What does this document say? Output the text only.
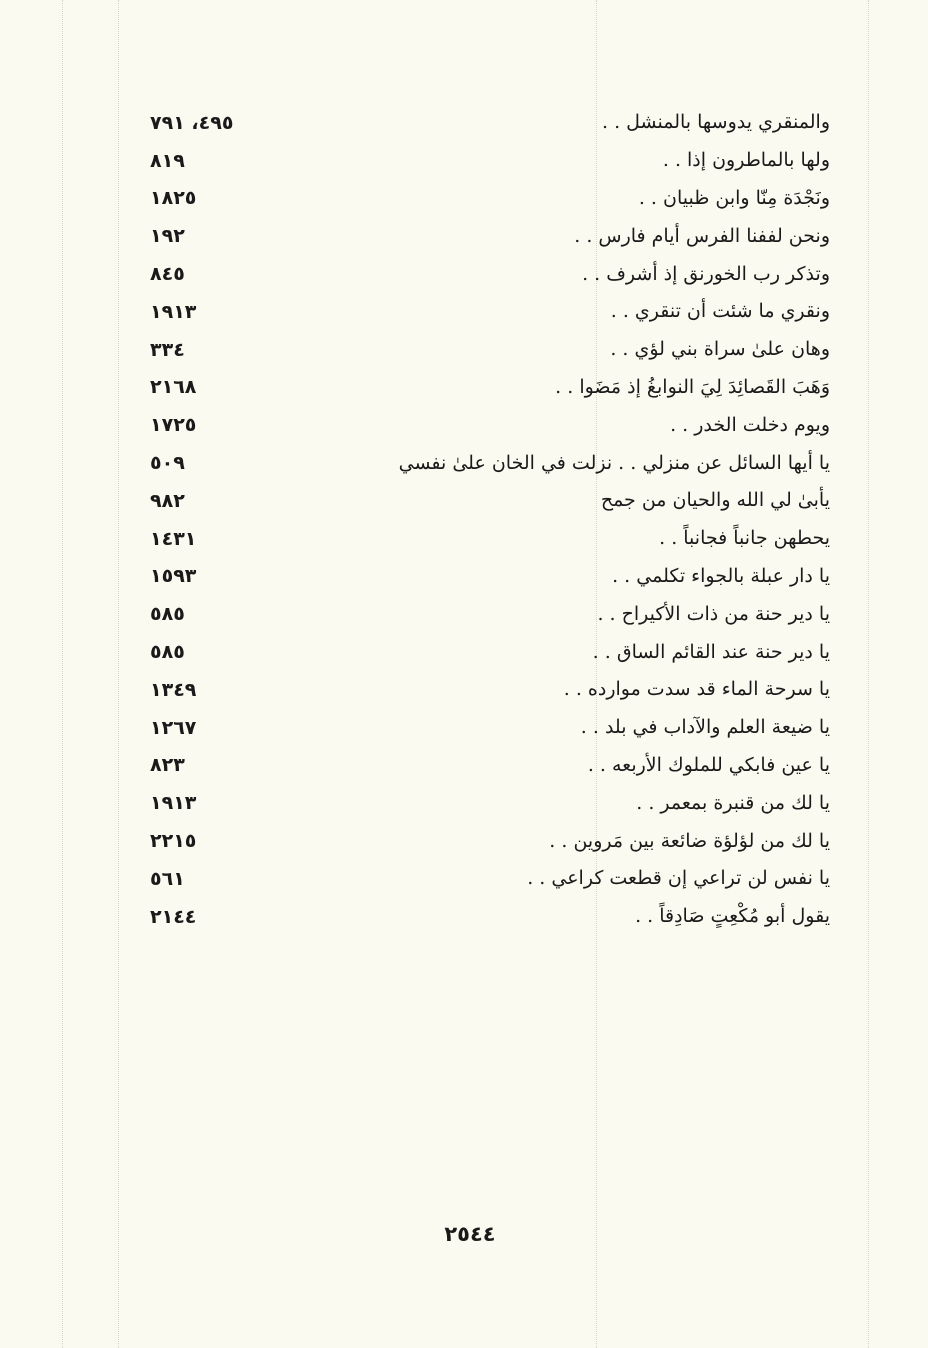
والمنقري يدوسها بالمنشل . .
٤٩٥، ٧٩١
ولها بالماطرون إذا . .
٨١٩
ونَجْدَة مِنّا وابن ظبيان . .
١٨٢٥
ونحن لففنا الفرس أيام فارس . .
١٩٢
وتذكر رب الخورنق إذ أشرف . .
٨٤٥
ونقري ما شئت أن تنقري . .
١٩١٣
وهان علىٰ سراة بني لؤي . .
٣٣٤
وَهَبَ القَصائِدَ لِيَ النوابغُ إذ مَضَوا . .
٢١٦٨
ويوم دخلت الخدر . .
١٧٢٥
يا أيها السائل عن منزلي . . نزلت في الخان علىٰ نفسي
٥٠٩
يأبىٰ لي الله والحيان من جمح
٩٨٢
يحطهن جانباً فجانباً . .
١٤٣١
يا دار عبلة بالجواء تكلمي . .
١٥٩٣
يا دير حنة من ذات الأكيراح . .
٥٨٥
يا دير حنة عند القائم الساق . .
٥٨٥
يا سرحة الماء قد سدت موارده . .
١٣٤٩
يا ضيعة العلم والآداب في بلد . .
١٢٦٧
يا عين فابكي للملوك الأربعه . .
٨٢٣
يا لك من قنبرة بمعمر . .
١٩١٣
يا لك من لؤلؤة ضائعة بين مَروين . .
٢٢١٥
يا نفس لن تراعي إن قطعت كراعي . .
٥٦١
يقول أبو مُكْعِتٍ صَادِقاً . .
٢١٤٤
٢٥٤٤
